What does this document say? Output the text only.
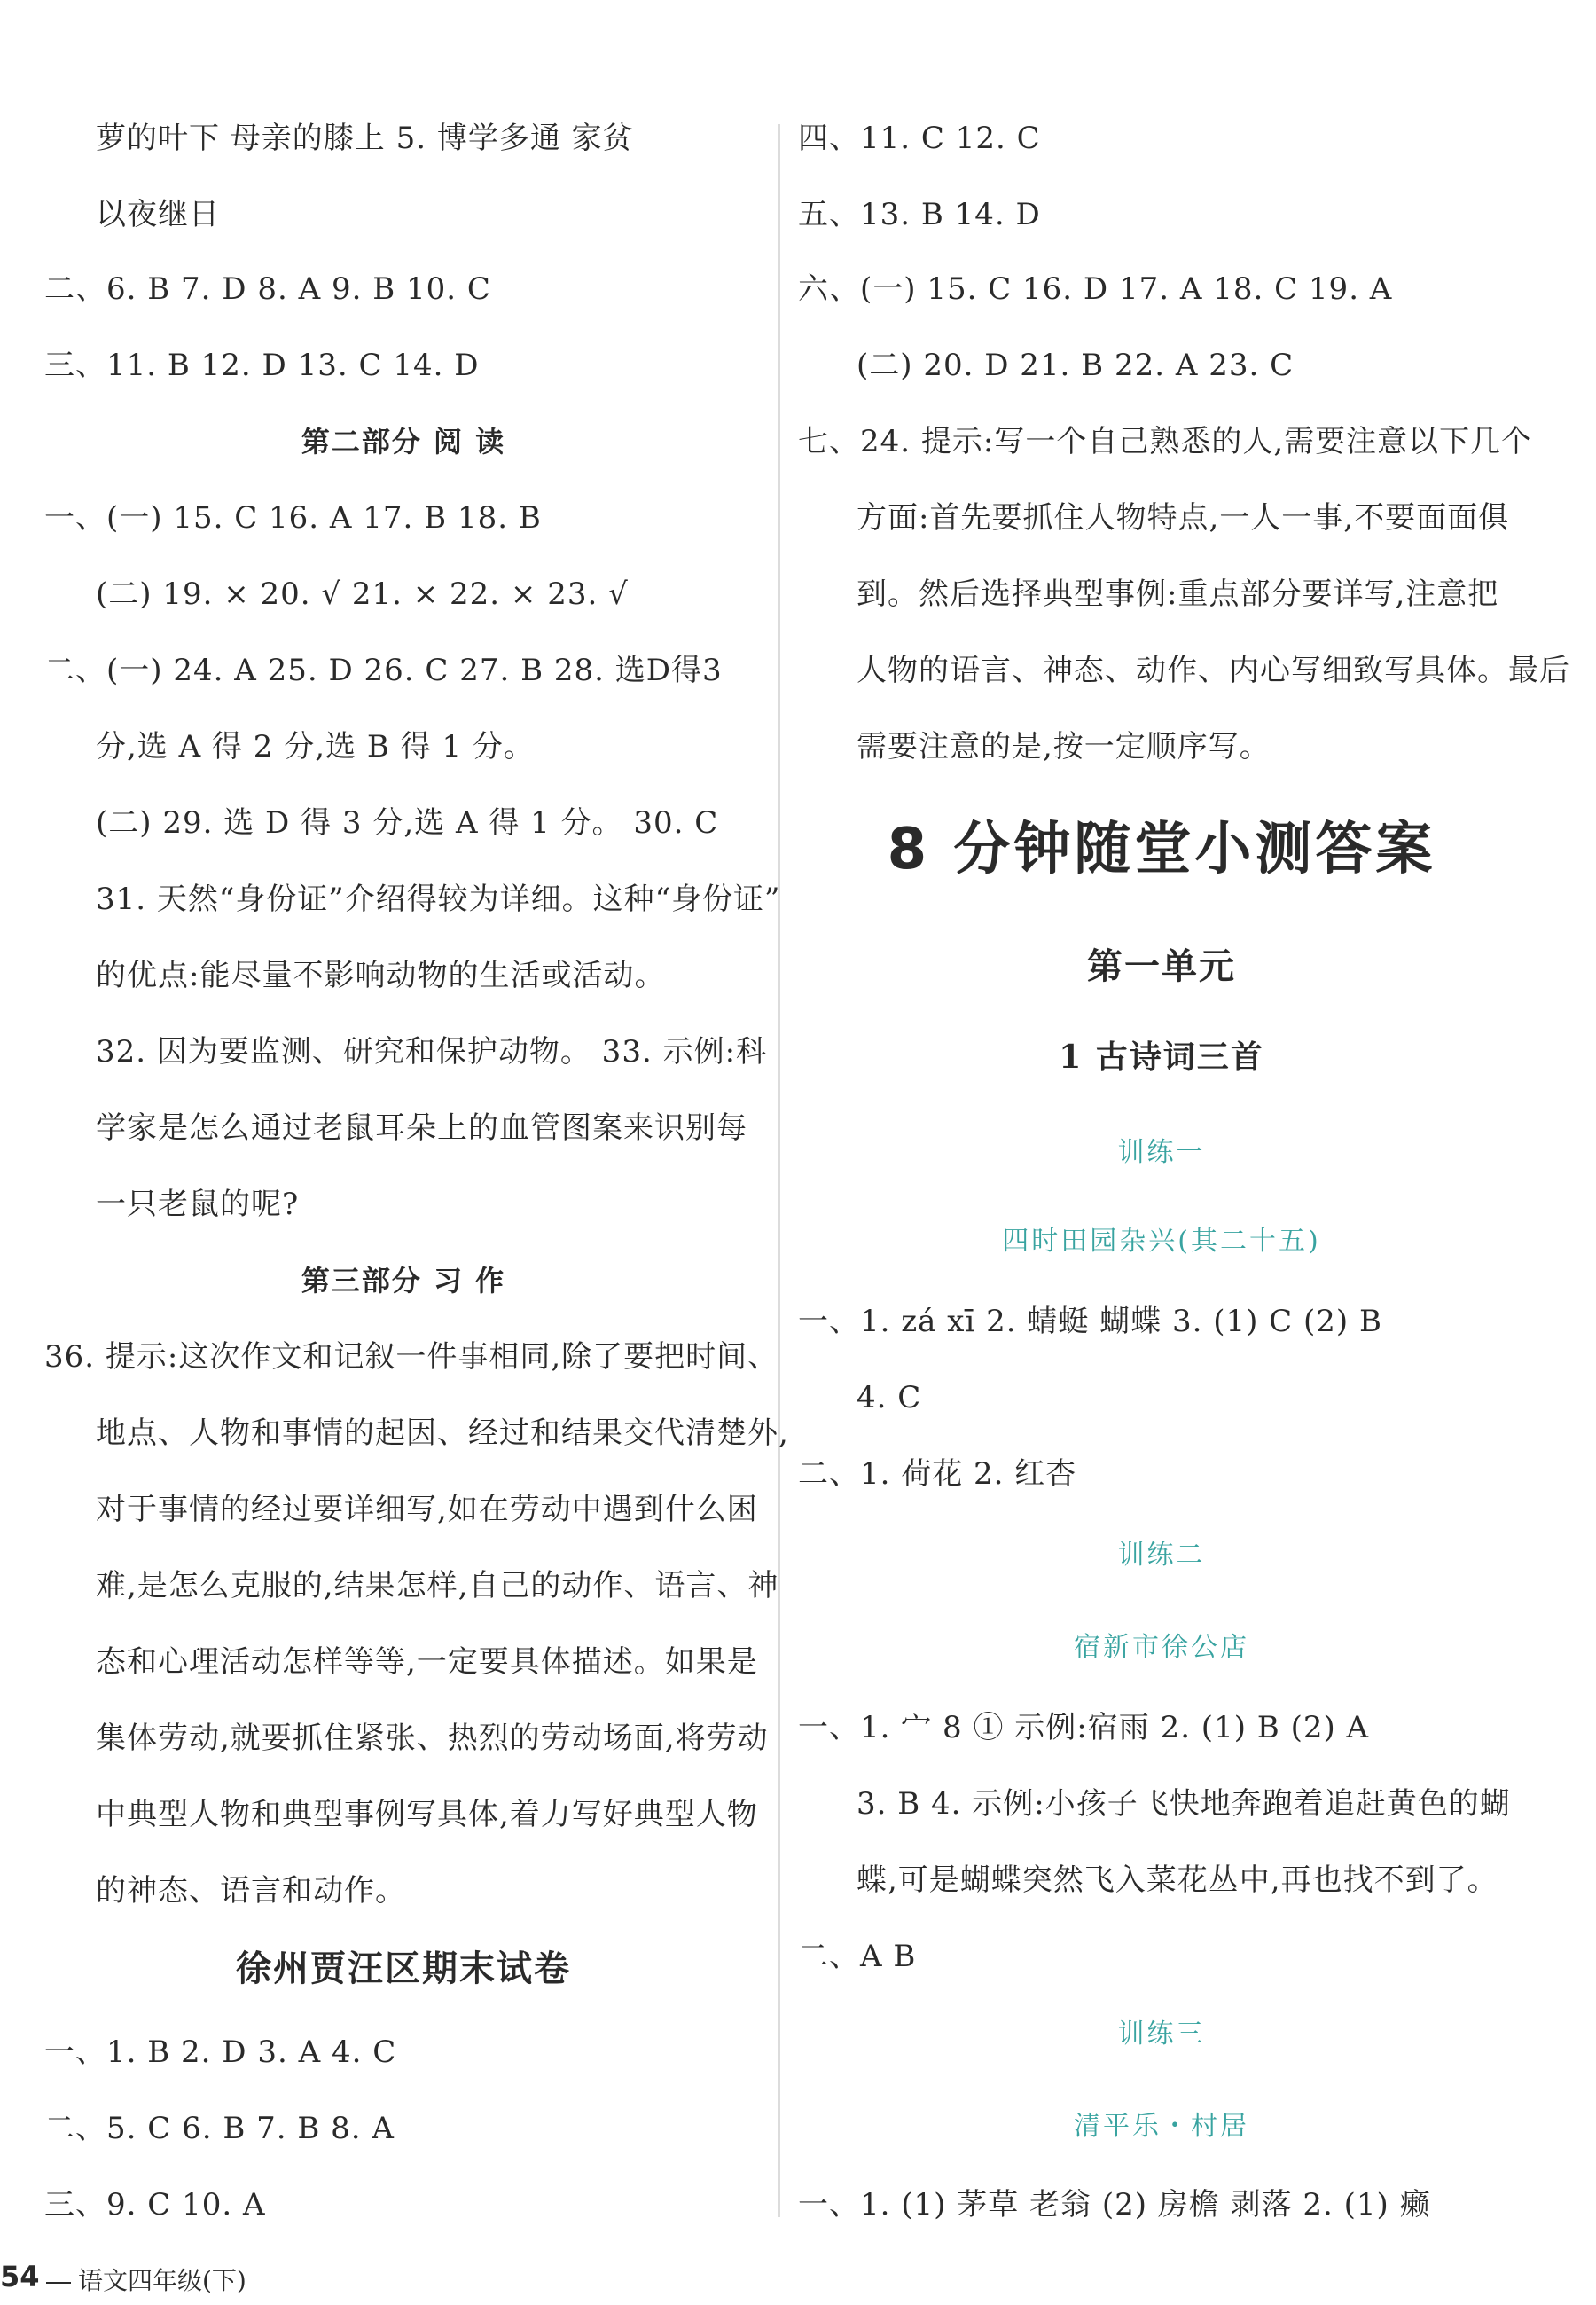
萝的叶下 母亲的膝上 5. 博学多通 家贫
以夜继日
二、6. B 7. D 8. A 9. B 10. C
三、11. B 12. D 13. C 14. D
第二部分 阅 读
一、(一) 15. C 16. A 17. B 18. B
(二) 19. × 20. √ 21. × 22. × 23. √
二、(一) 24. A 25. D 26. C 27. B 28. 选D得3
分,选 A 得 2 分,选 B 得 1 分。
(二) 29. 选 D 得 3 分,选 A 得 1 分。 30. C
31. 天然“身份证”介绍得较为详细。这种“身份证”
的优点:能尽量不影响动物的生活或活动。
32. 因为要监测、研究和保护动物。 33. 示例:科
学家是怎么通过老鼠耳朵上的血管图案来识别每
一只老鼠的呢?
第三部分 习 作
36. 提示:这次作文和记叙一件事相同,除了要把时间、
地点、人物和事情的起因、经过和结果交代清楚外,
对于事情的经过要详细写,如在劳动中遇到什么困
难,是怎么克服的,结果怎样,自己的动作、语言、神
态和心理活动怎样等等,一定要具体描述。如果是
集体劳动,就要抓住紧张、热烈的劳动场面,将劳动
中典型人物和典型事例写具体,着力写好典型人物
的神态、语言和动作。
徐州贾汪区期末试卷
一、1. B 2. D 3. A 4. C
二、5. C 6. B 7. B 8. A
三、9. C 10. A
四、11. C 12. C
五、13. B 14. D
六、(一) 15. C 16. D 17. A 18. C 19. A
(二) 20. D 21. B 22. A 23. C
七、24. 提示:写一个自己熟悉的人,需要注意以下几个
方面:首先要抓住人物特点,一人一事,不要面面俱
到。然后选择典型事例:重点部分要详写,注意把
人物的语言、神态、动作、内心写细致写具体。最后
需要注意的是,按一定顺序写。
8 分钟随堂小测答案
第一单元
1 古诗词三首
训练一
四时田园杂兴(其二十五)
一、1. zá xī 2. 蜻蜓 蝴蝶 3. (1) C (2) B
4. C
二、1. 荷花 2. 红杏
训练二
宿新市徐公店
一、1. 宀 8 ① 示例:宿雨 2. (1) B (2) A
3. B 4. 示例:小孩子飞快地奔跑着追赶黄色的蝴
蝶,可是蝴蝶突然飞入菜花丛中,再也找不到了。
二、A B
训练三
清平乐・村居
一、1. (1) 茅草 老翁 (2) 房檐 剥落 2. (1) 癞
54	语文四年级(下)
